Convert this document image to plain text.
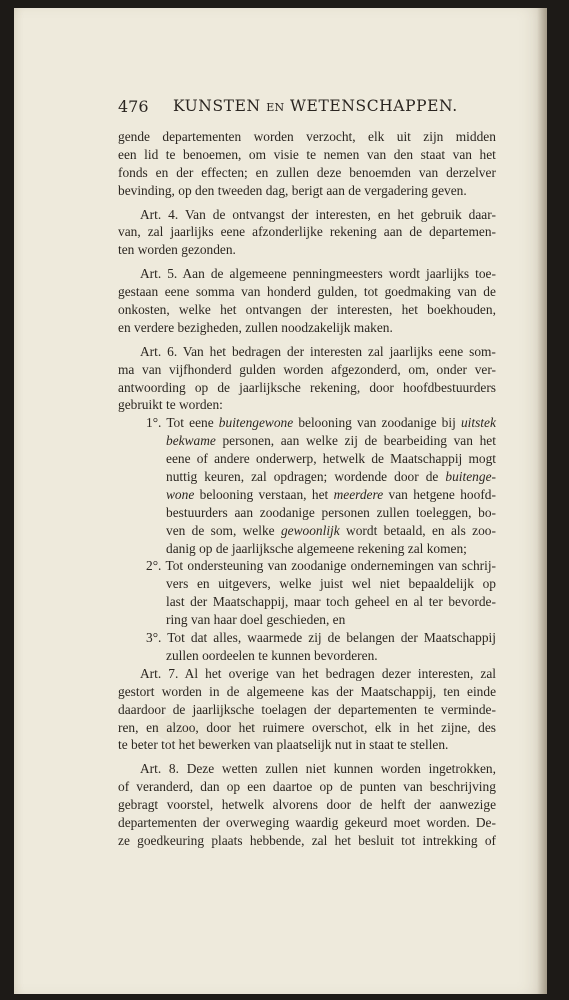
476 KUNSTEN EN WETENSCHAPPEN.
gende departementen worden verzocht, elk uit zijn midden
een lid te benoemen, om visie te nemen van den staat van het
fonds en der effecten; en zullen deze benoemden van derzelver
bevinding, op den tweeden dag, berigt aan de vergadering geven.
Art. 4. Van de ontvangst der interesten, en het gebruik daar-
van, zal jaarlijks eene afzonderlijke rekening aan de departemen-
ten worden gezonden.
Art. 5. Aan de algemeene penningmeesters wordt jaarlijks toe-
gestaan eene somma van honderd gulden, tot goedmaking van de
onkosten, welke het ontvangen der interesten, het boekhouden,
en verdere bezigheden, zullen noodzakelijk maken.
Art. 6. Van het bedragen der interesten zal jaarlijks eene som-
ma van vijfhonderd gulden worden afgezonderd, om, onder ver-
antwoording op de jaarlijksche rekening, door hoofdbestuurders
gebruikt te worden:
1°. Tot eene buitengewone belooning van zoodanige bij uitstek
bekwame personen, aan welke zij de bearbeiding van het
eene of andere onderwerp, hetwelk de Maatschappij mogt
nuttig keuren, zal opdragen; wordende door de buitenge-
wone belooning verstaan, het meerdere van hetgene hoofd-
bestuurders aan zoodanige personen zullen toeleggen, bo-
ven de som, welke gewoonlijk wordt betaald, en als zoo-
danig op de jaarlijksche algemeene rekening zal komen;
2°. Tot ondersteuning van zoodanige ondernemingen van schrij-
vers en uitgevers, welke juist wel niet bepaaldelijk op
last der Maatschappij, maar toch geheel en al ter bevorde-
ring van haar doel geschieden, en
3°. Tot dat alles, waarmede zij de belangen der Maatschappij
zullen oordeelen te kunnen bevorderen.
Art. 7. Al het overige van het bedragen dezer interesten, zal
gestort worden in de algemeene kas der Maatschappij, ten einde
daardoor de jaarlijksche toelagen der departementen te verminde-
ren, en alzoo, door het ruimere overschot, elk in het zijne, des
te beter tot het bewerken van plaatselijk nut in staat te stellen.
Art. 8. Deze wetten zullen niet kunnen worden ingetrokken,
of veranderd, dan op een daartoe op de punten van beschrijving
gebragt voorstel, hetwelk alvorens door de helft der aanwezige
departementen der overweging waardig gekeurd moet worden. De-
ze goedkeuring plaats hebbende, zal het besluit tot intrekking of
